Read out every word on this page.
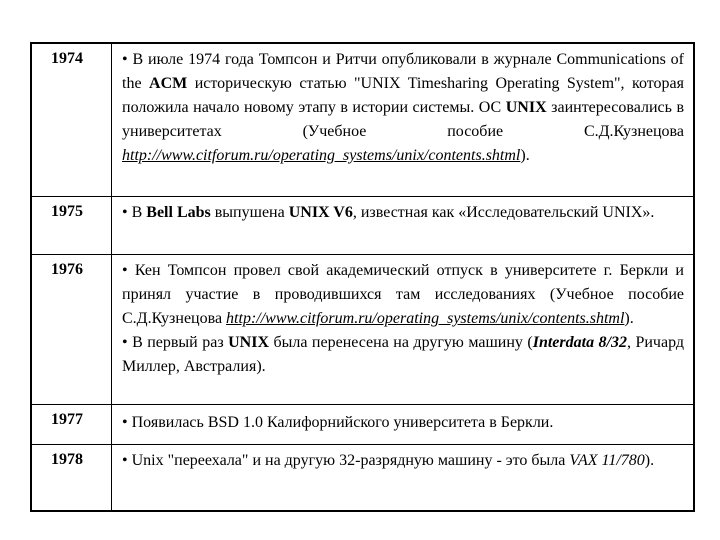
1974	• В июле 1974 года Томпсон и Ритчи опубликовали в журнале Communications of the ACM историческую статью "UNIX Timesharing Operating System", которая положила начало новому этапу в истории системы. ОС UNIX заинтересовались в университетах (Учебное пособие С.Д.Кузнецова http://www.citforum.ru/operating_systems/unix/contents.shtml).

1975	• В Bell Labs выпушена UNIX V6, известная как «Исследовательский UNIX».

1976	• Кен Томпсон провел свой академический отпуск в университете г. Беркли и принял участие в проводившихся там исследованиях (Учебное пособие С.Д.Кузнецова http://www.citforum.ru/operating_systems/unix/contents.shtml).

• В первый раз UNIX была перенесена на другую машину (Interdata 8/32, Ричард Миллер, Австралия).

1977	• Появилась BSD 1.0 Калифорнийского университета в Беркли.

1978	• Unix "переехала" и на другую 32-разрядную машину - это была VAX 11/780).
